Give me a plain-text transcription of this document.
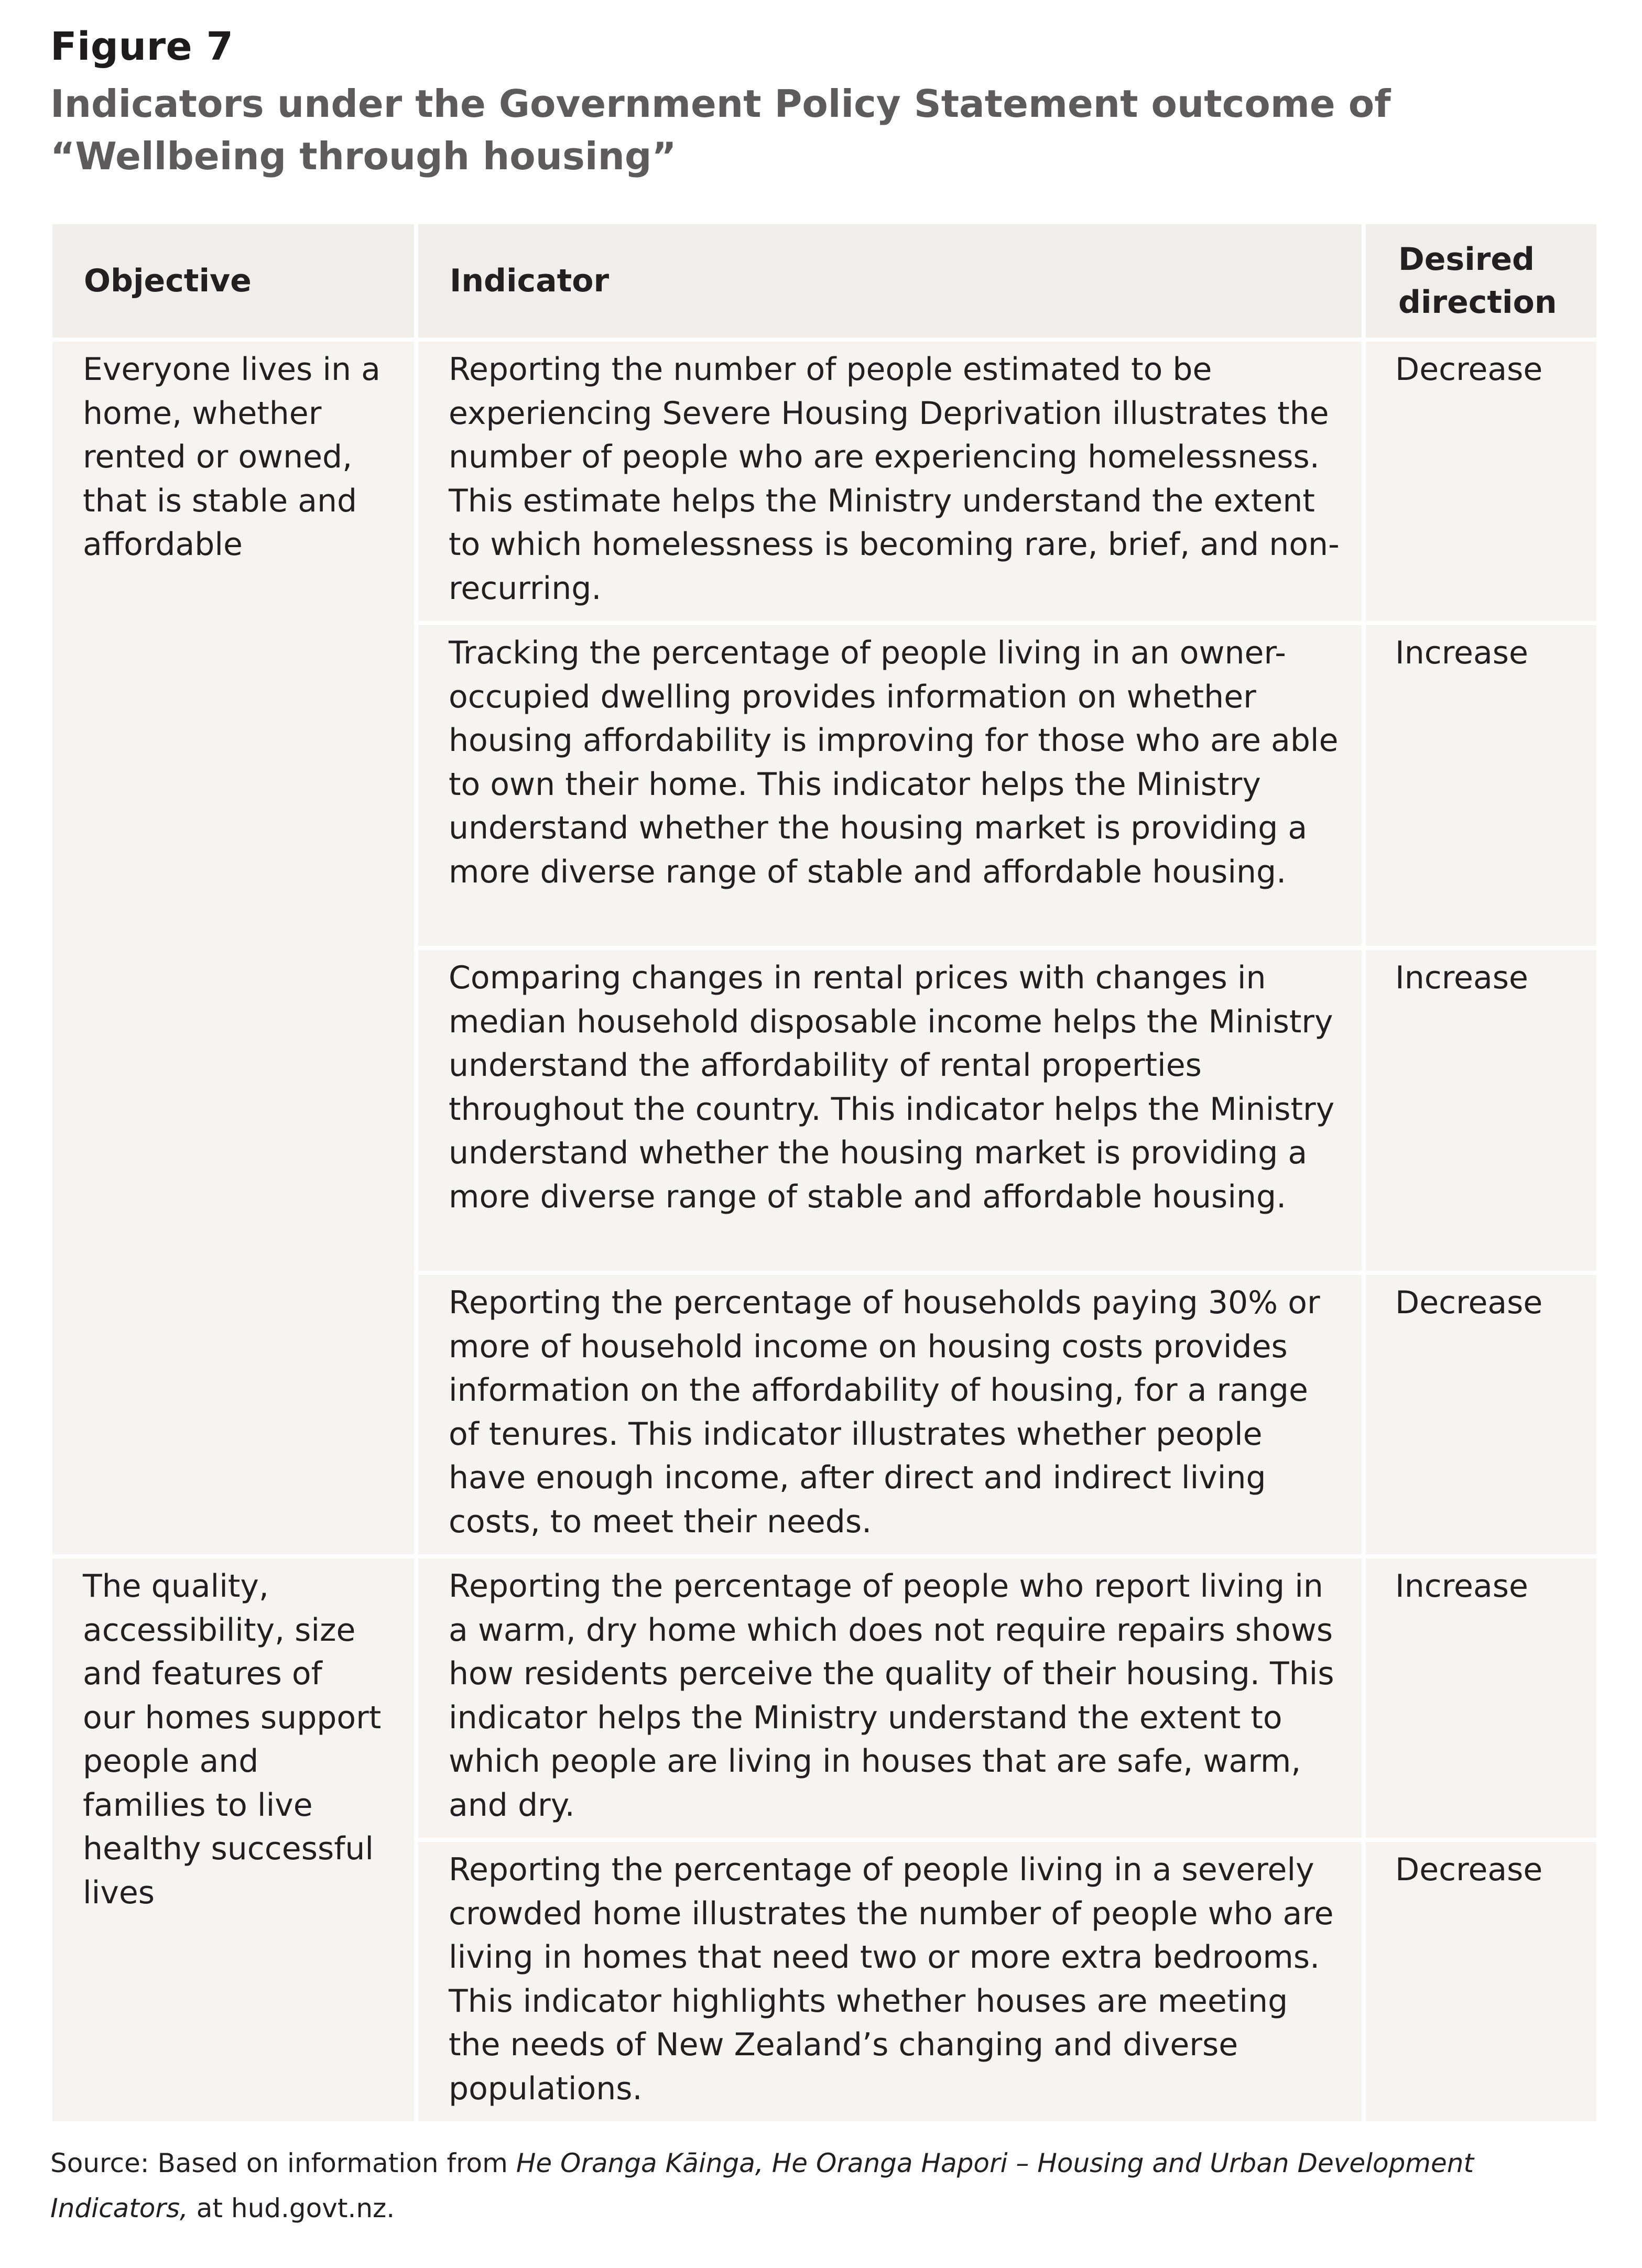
Figure 7
Indicators under the Government Policy Statement outcome of “Wellbeing through housing”
Objective	Indicator	Desired direction
Everyone lives in a home, whether rented or owned, that is stable and affordable	Reporting the number of people estimated to be experiencing Severe Housing Deprivation illustrates the number of people who are experiencing homelessness. This estimate helps the Ministry understand the extent to which homelessness is becoming rare, brief, and non-recurring.	Decrease
	Tracking the percentage of people living in an owner-occupied dwelling provides information on whether housing affordability is improving for those who are able to own their home. This indicator helps the Ministry understand whether the housing market is providing a more diverse range of stable and affordable housing.	Increase
	Comparing changes in rental prices with changes in median household disposable income helps the Ministry understand the affordability of rental properties throughout the country. This indicator helps the Ministry understand whether the housing market is providing a more diverse range of stable and affordable housing.	Increase
	Reporting the percentage of households paying 30% or more of household income on housing costs provides information on the affordability of housing, for a range of tenures. This indicator illustrates whether people have enough income, after direct and indirect living costs, to meet their needs.	Decrease
The quality, accessibility, size and features of our homes support people and families to live healthy successful lives	Reporting the percentage of people who report living in a warm, dry home which does not require repairs shows how residents perceive the quality of their housing. This indicator helps the Ministry understand the extent to which people are living in houses that are safe, warm, and dry.	Increase
	Reporting the percentage of people living in a severely crowded home illustrates the number of people who are living in homes that need two or more extra bedrooms. This indicator highlights whether houses are meeting the needs of New Zealand’s changing and diverse populations.	Decrease
Source: Based on information from He Oranga Kāinga, He Oranga Hapori – Housing and Urban Development Indicators, at hud.govt.nz.
